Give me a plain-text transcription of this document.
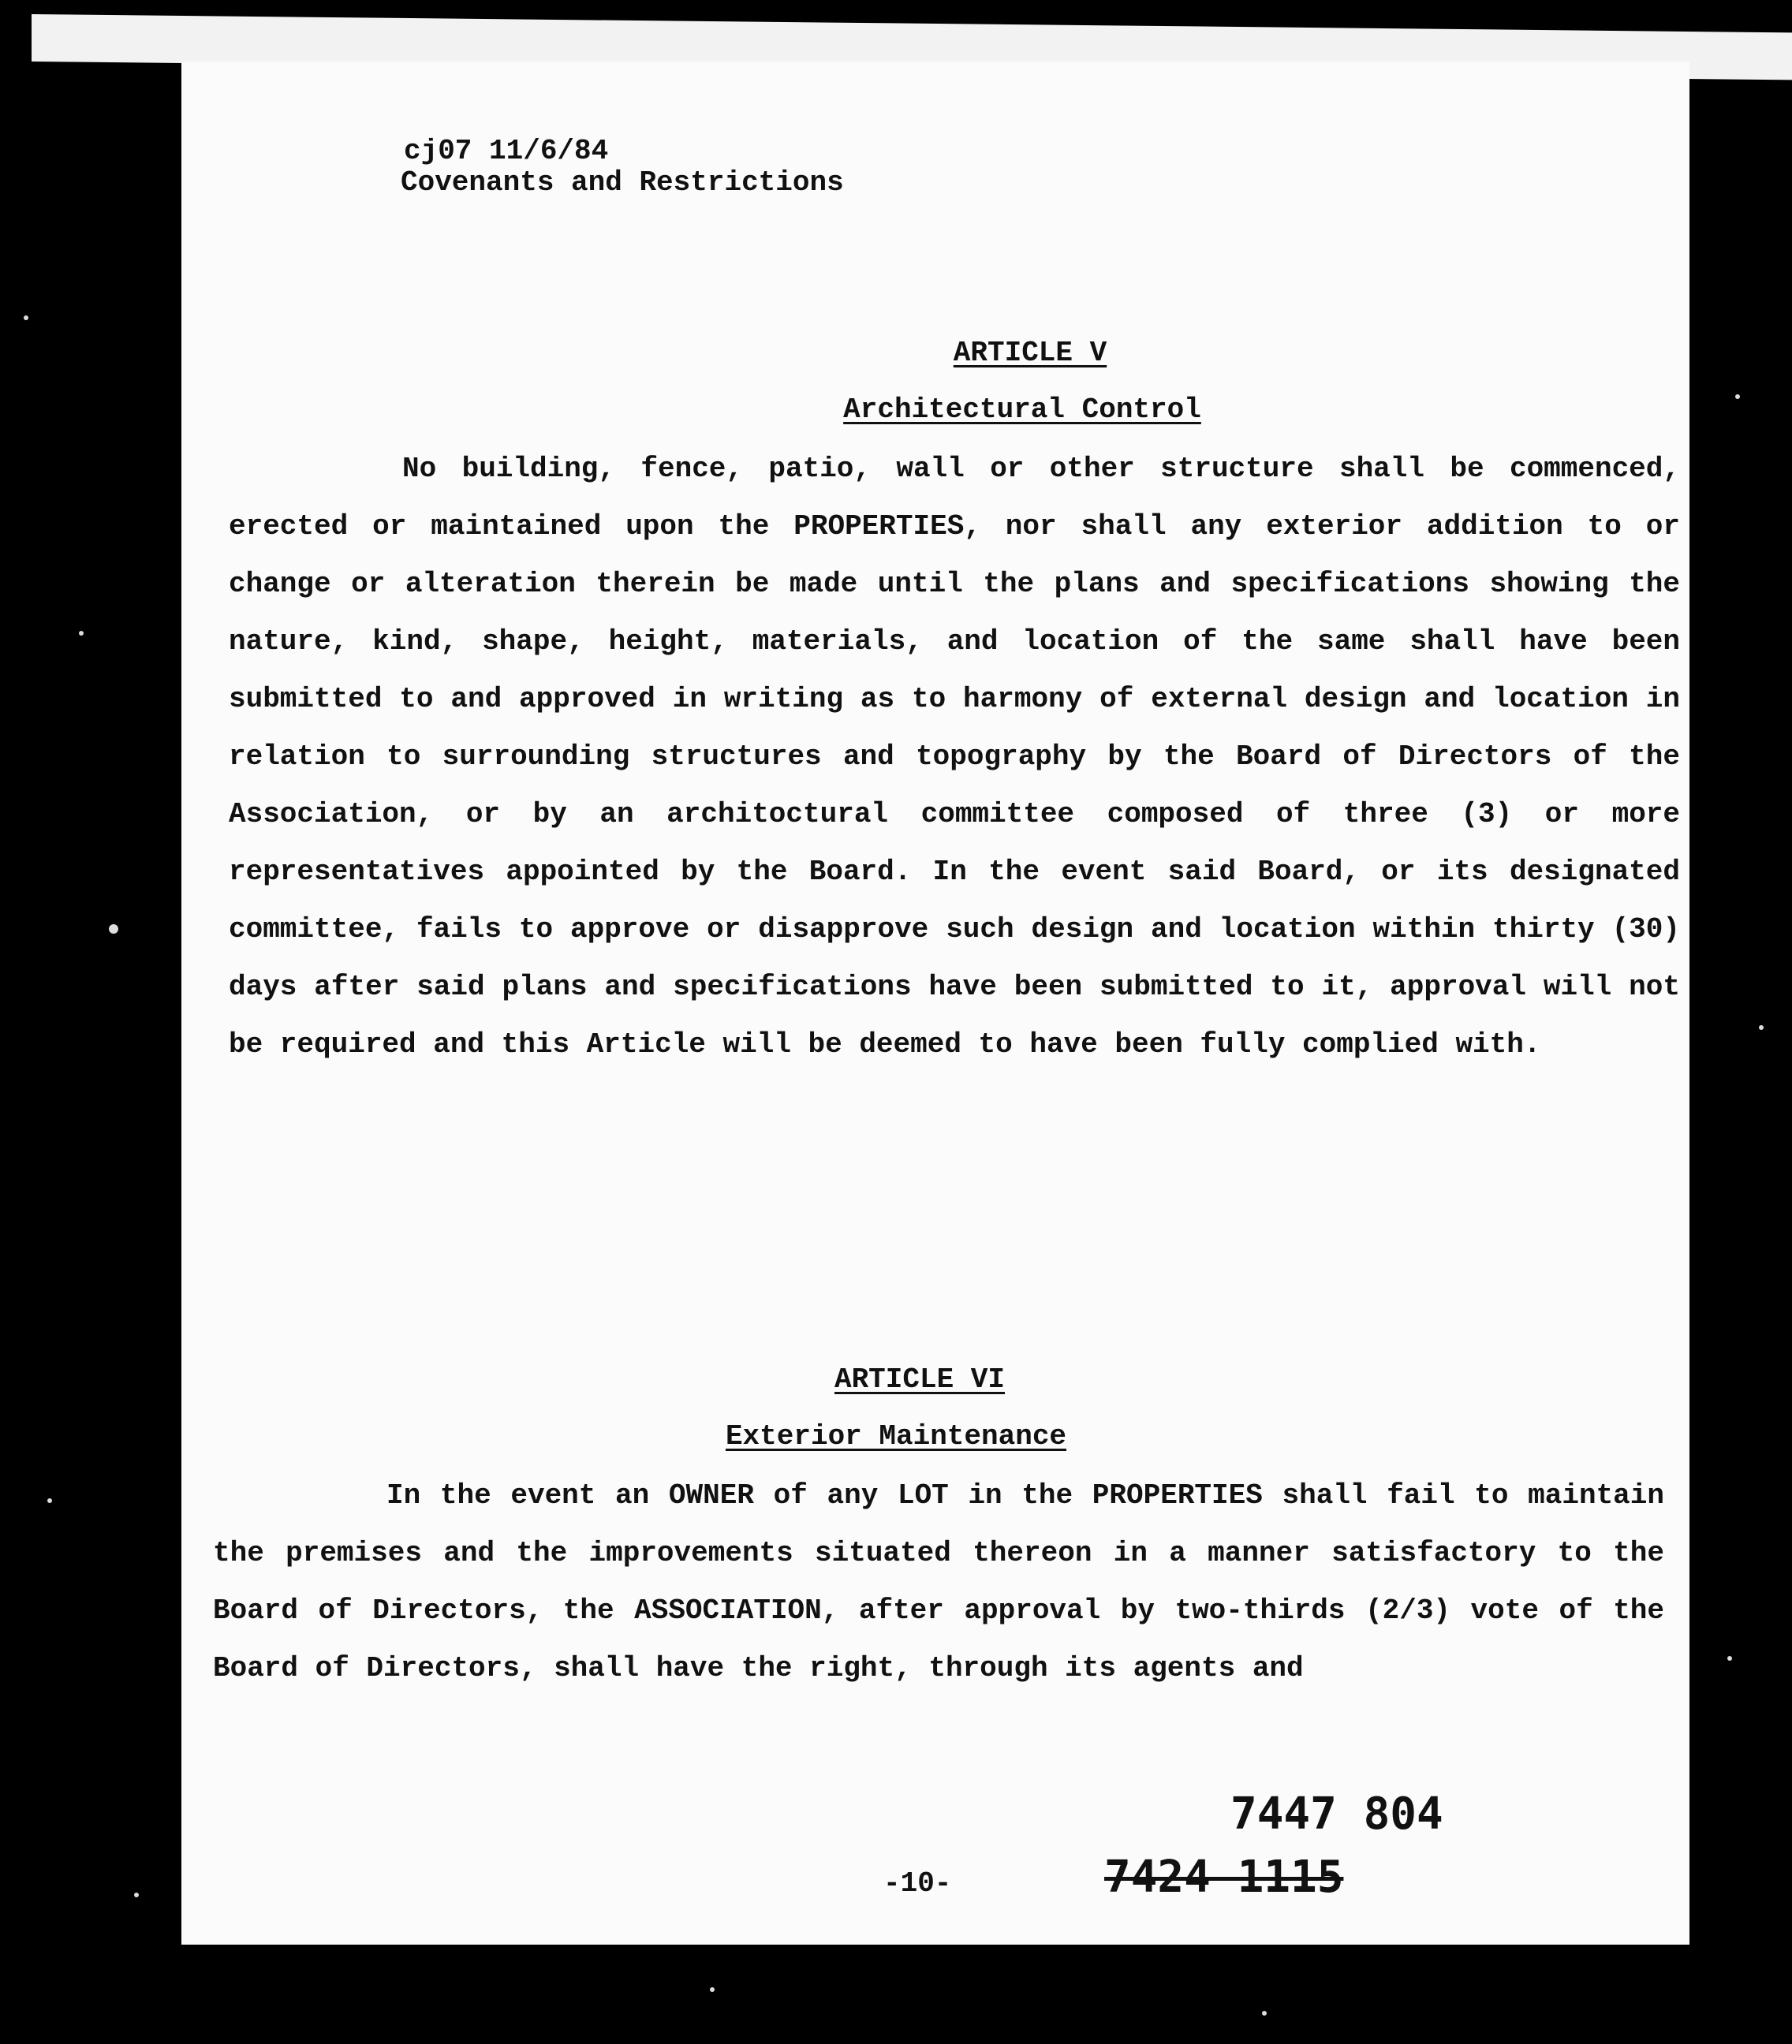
cj07 11/6/84
Covenants and Restrictions
ARTICLE V
Architectural Control
No building, fence, patio, wall or other structure shall be commenced, erected or maintained upon the PROPERTIES, nor shall any exterior addition to or change or alteration therein be made until the plans and specifications showing the nature, kind, shape, height, materials, and location of the same shall have been submitted to and approved in writing as to harmony of external design and location in relation to surrounding structures and topography by the Board of Directors of the Association, or by an architoctural committee composed of three (3) or more representatives appointed by the Board. In the event said Board, or its designated committee, fails to approve or disapprove such design and location within thirty (30) days after said plans and specifications have been submitted to it, approval will not be required and this Article will be deemed to have been fully complied with.
ARTICLE VI
Exterior Maintenance
In the event an OWNER of any LOT in the PROPERTIES shall fail to maintain the premises and the improvements situated thereon in a manner satisfactory to the Board of Directors, the ASSOCIATION, after approval by two-thirds (2/3) vote of the Board of Directors, shall have the right, through its agents and
7447 804
-10-	7424 1115
